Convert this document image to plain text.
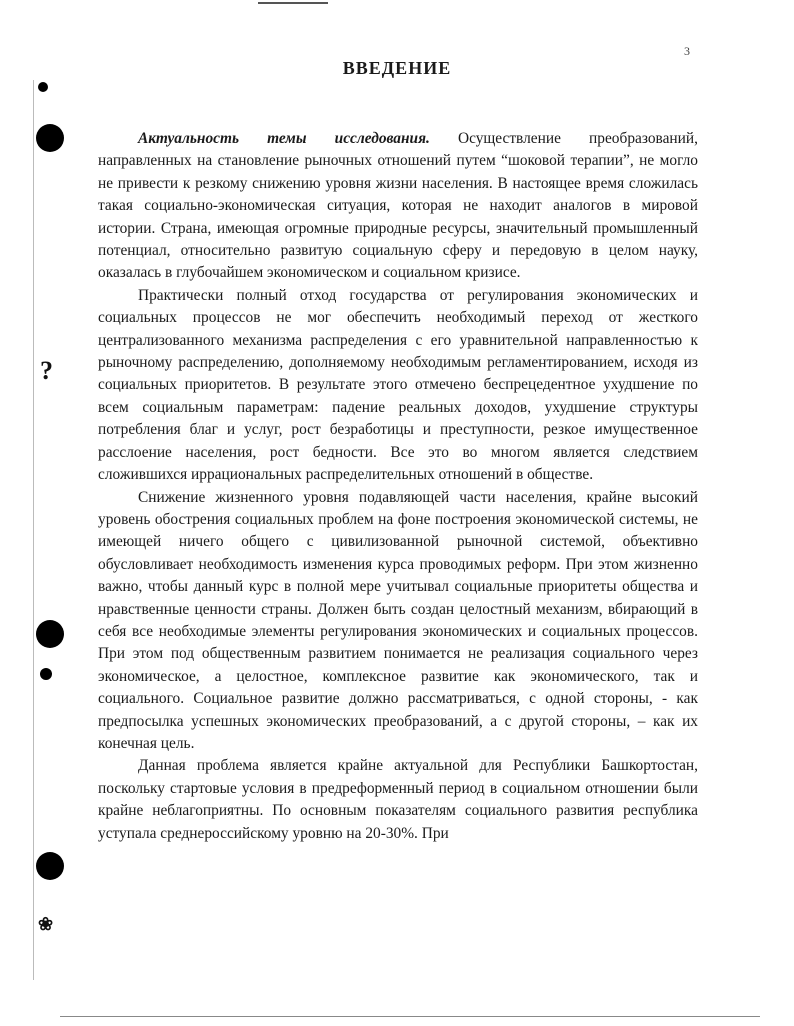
?
❀
3
ВВЕДЕНИЕ

Актуальность темы исследования. Осуществление преобразований, направленных на становление рыночных отношений путем “шоковой терапии”, не могло не привести к резкому снижению уровня жизни населения. В настоящее время сложилась такая социально-экономическая ситуация, которая не находит аналогов в мировой истории. Страна, имеющая огромные природные ресурсы, значительный промышленный потенциал, относительно развитую социальную сферу и передовую в целом науку, оказалась в глубочайшем экономическом и социальном кризисе.

Практически полный отход государства от регулирования экономических и социальных процессов не мог обеспечить необходимый переход от жесткого централизованного механизма распределения с его уравнительной направленностью к рыночному распределению, дополняемому необходимым регламентированием, исходя из социальных приоритетов. В результате этого отмечено беспрецедентное ухудшение по всем социальным параметрам: падение реальных доходов, ухудшение структуры потребления благ и услуг, рост безработицы и преступности, резкое имущественное расслоение населения, рост бедности. Все это во многом является следствием сложившихся иррациональных распределительных отношений в обществе.

Снижение жизненного уровня подавляющей части населения, крайне высокий уровень обострения социальных проблем на фоне построения экономической системы, не имеющей ничего общего с цивилизованной рыночной системой, объективно обусловливает необходимость изменения курса проводимых реформ. При этом жизненно важно, чтобы данный курс в полной мере учитывал социальные приоритеты общества и нравственные ценности страны. Должен быть создан целостный механизм, вбирающий в себя все необходимые элементы регулирования экономических и социальных процессов. При этом под общественным развитием понимается не реализация социального через экономическое, а целостное, комплексное развитие как экономического, так и социального. Социальное развитие должно рассматриваться, с одной стороны, - как предпосылка успешных экономических преобразований, а с другой стороны, – как их конечная цель.

Данная проблема является крайне актуальной для Республики Башкортостан, поскольку стартовые условия в предреформенный период в социальном отношении были крайне неблагоприятны. По основным показателям социального развития республика уступала среднероссийскому уровню на 20-30%. При
